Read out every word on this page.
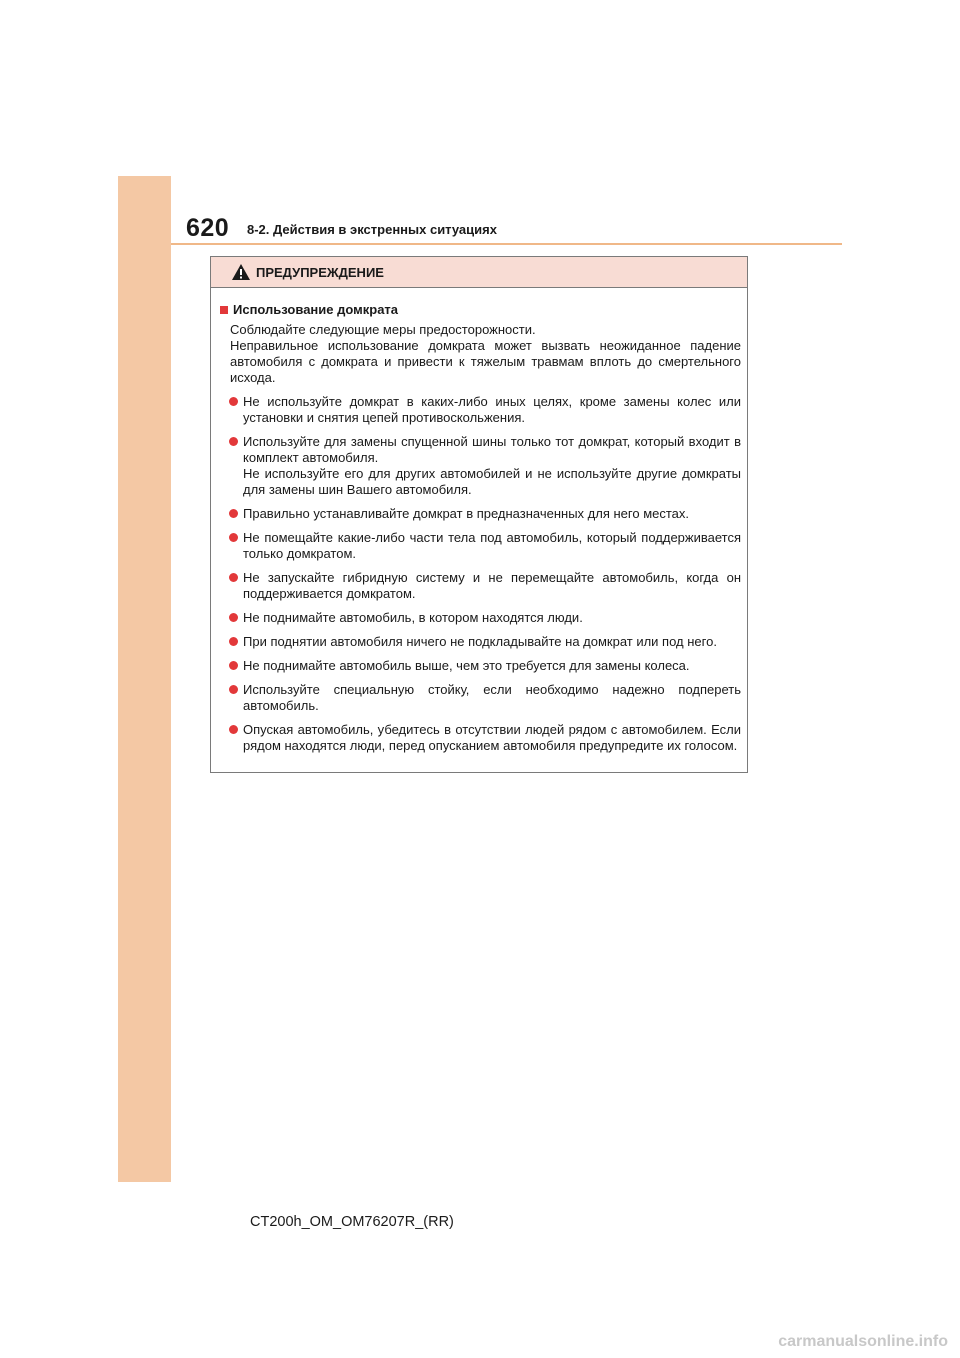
620 8-2. Действия в экстренных ситуациях
ПРЕДУПРЕЖДЕНИЕ
Использование домкрата

Соблюдайте следующие меры предосторожности.

Неправильное использование домкрата может вызвать неожиданное падение автомобиля с домкрата и привести к тяжелым травмам вплоть до смертельного исхода.

Не используйте домкрат в каких-либо иных целях, кроме замены колес или установки и снятия цепей противоскольжения.

Используйте для замены спущенной шины только тот домкрат, который входит в комплект автомобиля.

Не используйте его для других автомобилей и не используйте другие домкраты для замены шин Вашего автомобиля.

Правильно устанавливайте домкрат в предназначенных для него местах.

Не помещайте какие-либо части тела под автомобиль, который поддерживается только домкратом.

Не запускайте гибридную систему и не перемещайте автомобиль, когда он поддерживается домкратом.

Не поднимайте автомобиль, в котором находятся люди.

При поднятии автомобиля ничего не подкладывайте на домкрат или под него.

Не поднимайте автомобиль выше, чем это требуется для замены колеса.

Используйте специальную стойку, если необходимо надежно подпереть автомобиль.

Опуская автомобиль, убедитесь в отсутствии людей рядом с автомобилем. Если рядом находятся люди, перед опусканием автомобиля предупредите их голосом.

CT200h_OM_OM76207R_(RR)
carmanualsonline.info
